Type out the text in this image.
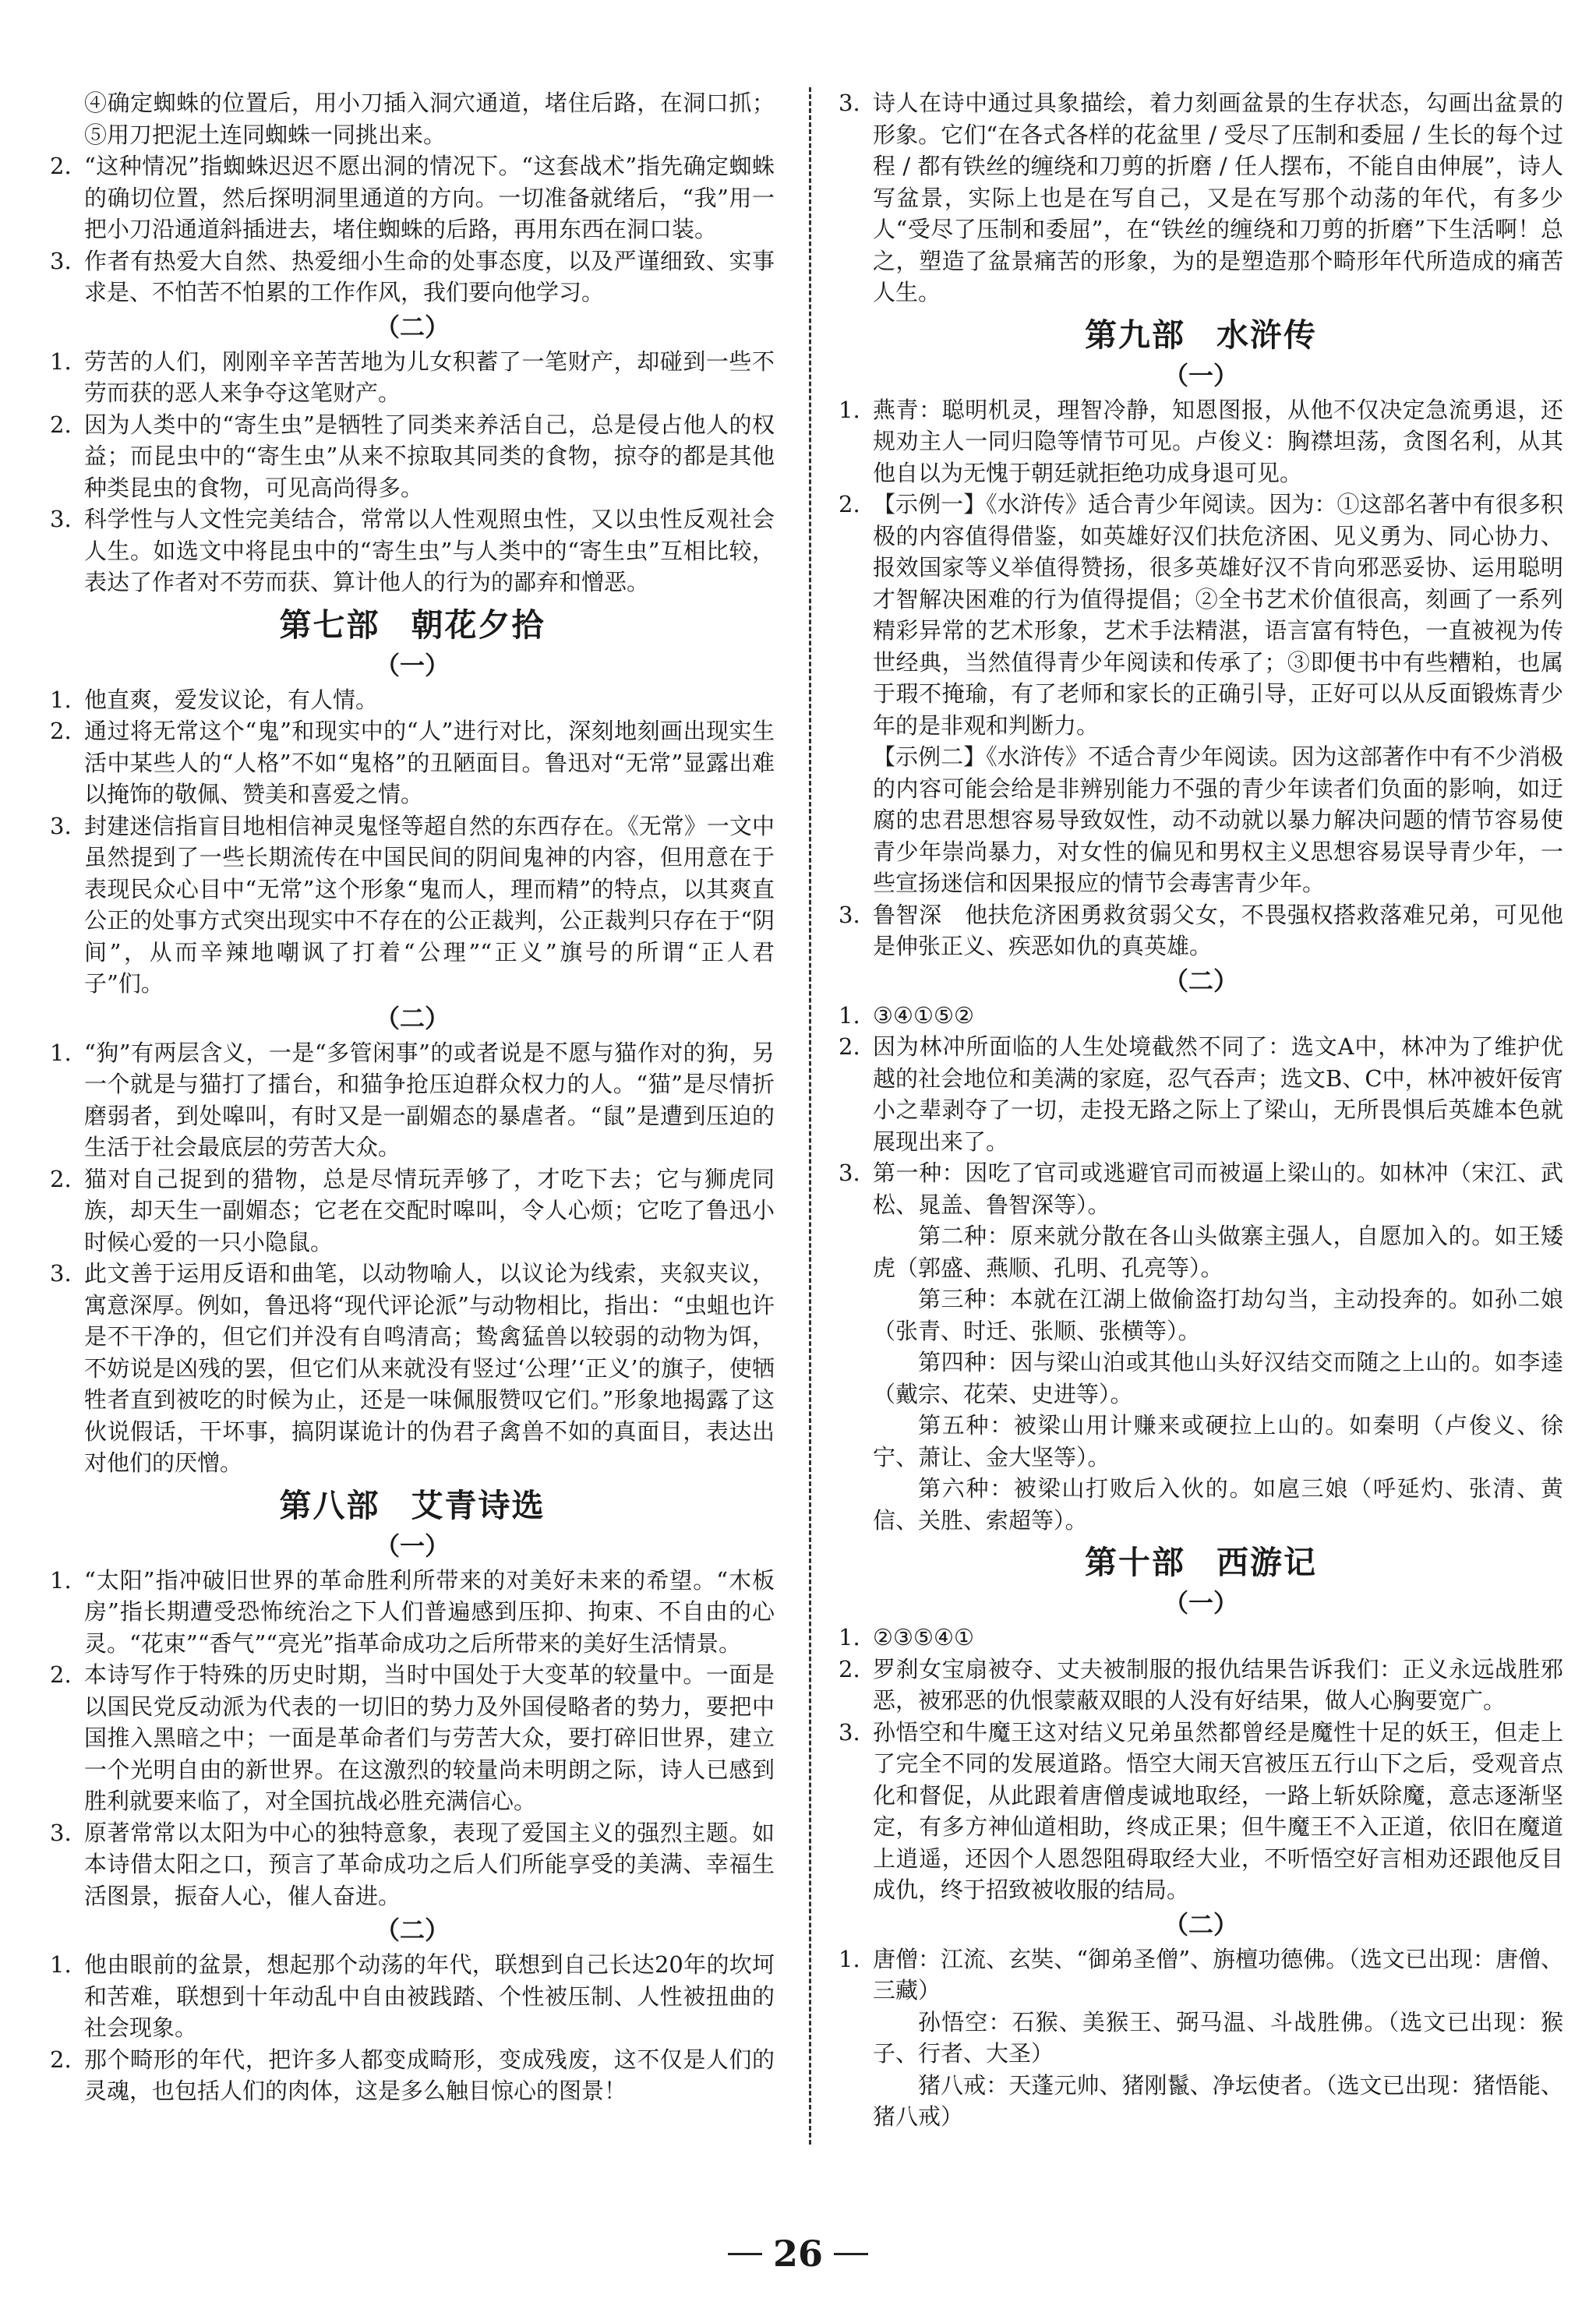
④确定蜘蛛的位置后，用小刀插入洞穴通道，堵住后路，在洞口抓；⑤用刀把泥土连同蜘蛛一同挑出来。
2. “这种情况”指蜘蛛迟迟不愿出洞的情况下。“这套战术”指先确定蜘蛛的确切位置，然后探明洞里通道的方向。一切准备就绪后，“我”用一把小刀沿通道斜插进去，堵住蜘蛛的后路，再用东西在洞口装。
3. 作者有热爱大自然、热爱细小生命的处事态度，以及严谨细致、实事求是、不怕苦不怕累的工作作风，我们要向他学习。
（二）
1. 劳苦的人们，刚刚辛辛苦苦地为儿女积蓄了一笔财产，却碰到一些不劳而获的恶人来争夺这笔财产。
2. 因为人类中的“寄生虫”是牺牲了同类来养活自己，总是侵占他人的权益；而昆虫中的“寄生虫”从来不掠取其同类的食物，掠夺的都是其他种类昆虫的食物，可见高尚得多。
3. 科学性与人文性完美结合，常常以人性观照虫性，又以虫性反观社会人生。如选文中将昆虫中的“寄生虫”与人类中的“寄生虫”互相比较，表达了作者对不劳而获、算计他人的行为的鄙弃和憎恶。
第七部 朝花夕拾
（一）
1. 他直爽，爱发议论，有人情。
2. 通过将无常这个“鬼”和现实中的“人”进行对比，深刻地刻画出现实生活中某些人的“人格”不如“鬼格”的丑陋面目。鲁迅对“无常”显露出难以掩饰的敬佩、赞美和喜爱之情。
3. 封建迷信指盲目地相信神灵鬼怪等超自然的东西存在。《无常》一文中虽然提到了一些长期流传在中国民间的阴间鬼神的内容，但用意在于表现民众心目中“无常”这个形象“鬼而人，理而精”的特点，以其爽直公正的处事方式突出现实中不存在的公正裁判，公正裁判只存在于“阴间”，从而辛辣地嘲讽了打着“公理”“正义”旗号的所谓“正人君子”们。
（二）
1. “狗”有两层含义，一是“多管闲事”的或者说是不愿与猫作对的狗，另一个就是与猫打了擂台，和猫争抢压迫群众权力的人。“猫”是尽情折磨弱者，到处嗥叫，有时又是一副媚态的暴虐者。“鼠”是遭到压迫的生活于社会最底层的劳苦大众。
2. 猫对自己捉到的猎物，总是尽情玩弄够了，才吃下去；它与狮虎同族，却天生一副媚态；它老在交配时嗥叫，令人心烦；它吃了鲁迅小时候心爱的一只小隐鼠。
3. 此文善于运用反语和曲笔，以动物喻人，以议论为线索，夹叙夹议，寓意深厚。例如，鲁迅将“现代评论派”与动物相比，指出：“虫蛆也许是不干净的，但它们并没有自鸣清高；鸷禽猛兽以较弱的动物为饵，不妨说是凶残的罢，但它们从来就没有竖过‘公理’‘正义’的旗子，使牺牲者直到被吃的时候为止，还是一味佩服赞叹它们。”形象地揭露了这伙说假话，干坏事，搞阴谋诡计的伪君子禽兽不如的真面目，表达出对他们的厌憎。
第八部 艾青诗选
（一）
1. “太阳”指冲破旧世界的革命胜利所带来的对美好未来的希望。“木板房”指长期遭受恐怖统治之下人们普遍感到压抑、拘束、不自由的心灵。“花束”“香气”“亮光”指革命成功之后所带来的美好生活情景。
2. 本诗写作于特殊的历史时期，当时中国处于大变革的较量中。一面是以国民党反动派为代表的一切旧的势力及外国侵略者的势力，要把中国推入黑暗之中；一面是革命者们与劳苦大众，要打碎旧世界，建立一个光明自由的新世界。在这激烈的较量尚未明朗之际，诗人已感到胜利就要来临了，对全国抗战必胜充满信心。
3. 原著常常以太阳为中心的独特意象，表现了爱国主义的强烈主题。如本诗借太阳之口，预言了革命成功之后人们所能享受的美满、幸福生活图景，振奋人心，催人奋进。
（二）
1. 他由眼前的盆景，想起那个动荡的年代，联想到自己长达20年的坎坷和苦难，联想到十年动乱中自由被践踏、个性被压制、人性被扭曲的社会现象。
2. 那个畸形的年代，把许多人都变成畸形，变成残废，这不仅是人们的灵魂，也包括人们的肉体，这是多么触目惊心的图景！
3. 诗人在诗中通过具象描绘，着力刻画盆景的生存状态，勾画出盆景的形象。它们“在各式各样的花盆里 / 受尽了压制和委屈 / 生长的每个过程 / 都有铁丝的缠绕和刀剪的折磨 / 任人摆布，不能自由伸展”，诗人写盆景，实际上也是在写自己，又是在写那个动荡的年代，有多少人“受尽了压制和委屈”，在“铁丝的缠绕和刀剪的折磨”下生活啊！总之，塑造了盆景痛苦的形象，为的是塑造那个畸形年代所造成的痛苦人生。
第九部 水浒传
（一）
1. 燕青：聪明机灵，理智冷静，知恩图报，从他不仅决定急流勇退，还规劝主人一同归隐等情节可见。卢俊义：胸襟坦荡，贪图名利，从其他自以为无愧于朝廷就拒绝功成身退可见。
2. 【示例一】《水浒传》适合青少年阅读。因为：①这部名著中有很多积极的内容值得借鉴，如英雄好汉们扶危济困、见义勇为、同心协力、报效国家等义举值得赞扬，很多英雄好汉不肯向邪恶妥协、运用聪明才智解决困难的行为值得提倡；②全书艺术价值很高，刻画了一系列精彩异常的艺术形象，艺术手法精湛，语言富有特色，一直被视为传世经典，当然值得青少年阅读和传承了；③即便书中有些糟粕，也属于瑕不掩瑜，有了老师和家长的正确引导，正好可以从反面锻炼青少年的是非观和判断力。
【示例二】《水浒传》不适合青少年阅读。因为这部著作中有不少消极的内容可能会给是非辨别能力不强的青少年读者们负面的影响，如迂腐的忠君思想容易导致奴性，动不动就以暴力解决问题的情节容易使青少年崇尚暴力，对女性的偏见和男权主义思想容易误导青少年，一些宣扬迷信和因果报应的情节会毒害青少年。
3. 鲁智深　他扶危济困勇救贫弱父女，不畏强权搭救落难兄弟，可见他是伸张正义、疾恶如仇的真英雄。
（二）
1. ③④①⑤②
2. 因为林冲所面临的人生处境截然不同了：选文A中，林冲为了维护优越的社会地位和美满的家庭，忍气吞声；选文B、C中，林冲被奸佞宵小之辈剥夺了一切，走投无路之际上了梁山，无所畏惧后英雄本色就展现出来了。
3. 第一种：因吃了官司或逃避官司而被逼上梁山的。如林冲（宋江、武松、晁盖、鲁智深等）。
第二种：原来就分散在各山头做寨主强人，自愿加入的。如王矮虎（郭盛、燕顺、孔明、孔亮等）。
第三种：本就在江湖上做偷盗打劫勾当，主动投奔的。如孙二娘（张青、时迁、张顺、张横等）。
第四种：因与梁山泊或其他山头好汉结交而随之上山的。如李逵（戴宗、花荣、史进等）。
第五种：被梁山用计赚来或硬拉上山的。如秦明（卢俊义、徐宁、萧让、金大坚等）。
第六种：被梁山打败后入伙的。如扈三娘（呼延灼、张清、黄信、关胜、索超等）。
第十部 西游记
（一）
1. ②③⑤④①
2. 罗刹女宝扇被夺、丈夫被制服的报仇结果告诉我们：正义永远战胜邪恶，被邪恶的仇恨蒙蔽双眼的人没有好结果，做人心胸要宽广。
3. 孙悟空和牛魔王这对结义兄弟虽然都曾经是魔性十足的妖王，但走上了完全不同的发展道路。悟空大闹天宫被压五行山下之后，受观音点化和督促，从此跟着唐僧虔诚地取经，一路上斩妖除魔，意志逐渐坚定，有多方神仙道相助，终成正果；但牛魔王不入正道，依旧在魔道上逍遥，还因个人恩怨阻碍取经大业，不听悟空好言相劝还跟他反目成仇，终于招致被收服的结局。
（二）
1. 唐僧：江流、玄奘、“御弟圣僧”、旃檀功德佛。（选文已出现：唐僧、三藏）
孙悟空：石猴、美猴王、弼马温、斗战胜佛。（选文已出现：猴子、行者、大圣）
猪八戒：天蓬元帅、猪刚鬣、净坛使者。（选文已出现：猪悟能、猪八戒）
26
